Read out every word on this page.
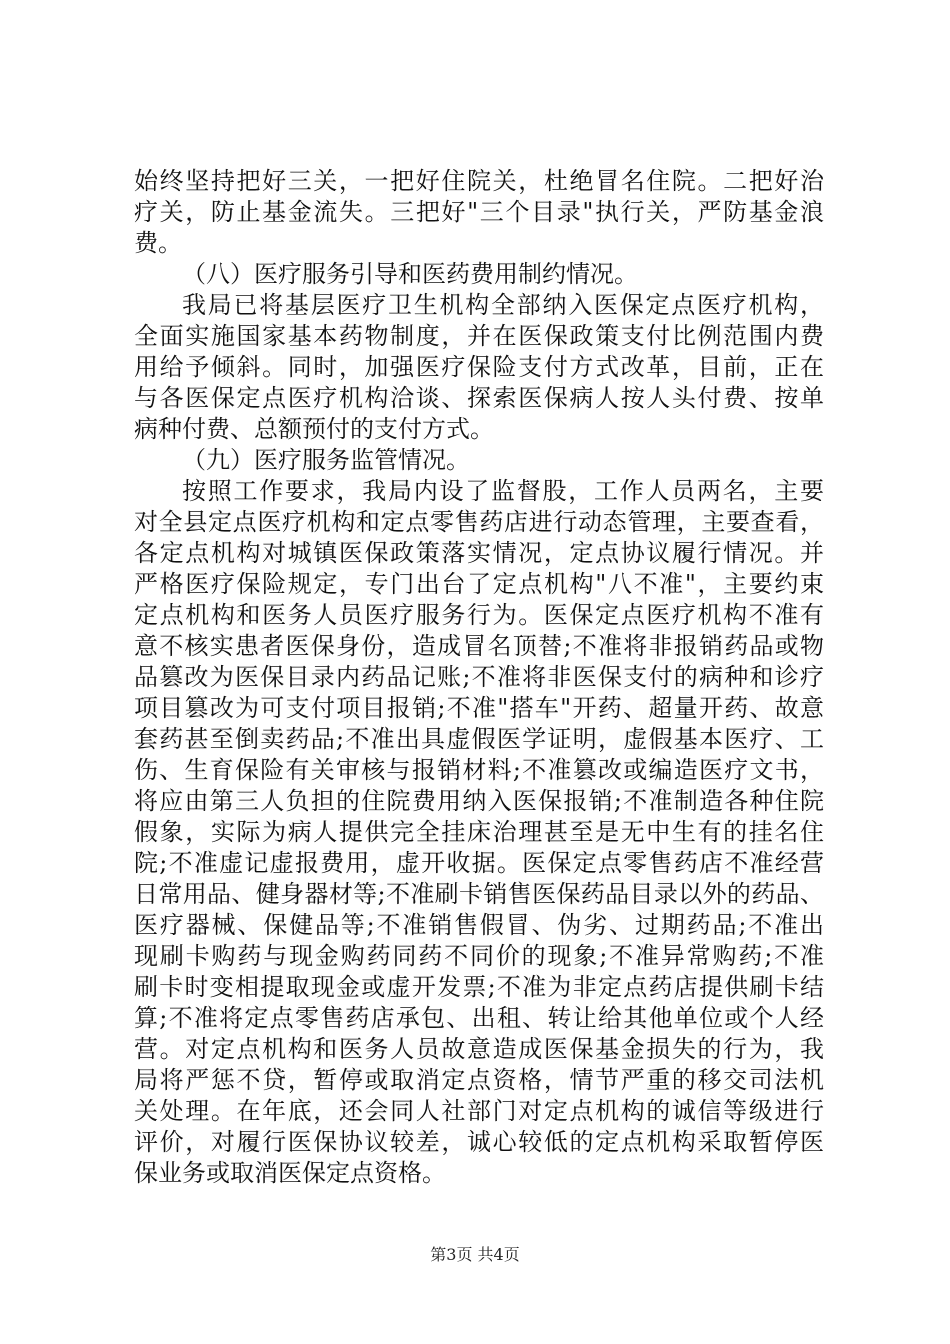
始终坚持把好三关，一把好住院关，杜绝冒名住院。二把好治
疗关，防止基金流失。三把好"三个目录"执行关，严防基金浪
费。
（八）医疗服务引导和医药费用制约情况。
我局已将基层医疗卫生机构全部纳入医保定点医疗机构，
全面实施国家基本药物制度，并在医保政策支付比例范围内费
用给予倾斜。同时，加强医疗保险支付方式改革，目前，正在
与各医保定点医疗机构洽谈、探索医保病人按人头付费、按单
病种付费、总额预付的支付方式。
（九）医疗服务监管情况。
按照工作要求，我局内设了监督股，工作人员两名，主要
对全县定点医疗机构和定点零售药店进行动态管理，主要查看，
各定点机构对城镇医保政策落实情况，定点协议履行情况。并
严格医疗保险规定，专门出台了定点机构"八不准"，主要约束
定点机构和医务人员医疗服务行为。医保定点医疗机构不准有
意不核实患者医保身份，造成冒名顶替;不准将非报销药品或物
品篡改为医保目录内药品记账;不准将非医保支付的病种和诊疗
项目篡改为可支付项目报销;不准"搭车"开药、超量开药、故意
套药甚至倒卖药品;不准出具虚假医学证明，虚假基本医疗、工
伤、生育保险有关审核与报销材料;不准篡改或编造医疗文书，
将应由第三人负担的住院费用纳入医保报销;不准制造各种住院
假象，实际为病人提供完全挂床治理甚至是无中生有的挂名住
院;不准虚记虚报费用，虚开收据。医保定点零售药店不准经营
日常用品、健身器材等;不准刷卡销售医保药品目录以外的药品、
医疗器械、保健品等;不准销售假冒、伪劣、过期药品;不准出
现刷卡购药与现金购药同药不同价的现象;不准异常购药;不准
刷卡时变相提取现金或虚开发票;不准为非定点药店提供刷卡结
算;不准将定点零售药店承包、出租、转让给其他单位或个人经
营。对定点机构和医务人员故意造成医保基金损失的行为，我
局将严惩不贷，暂停或取消定点资格，情节严重的移交司法机
关处理。在年底，还会同人社部门对定点机构的诚信等级进行
评价，对履行医保协议较差，诚心较低的定点机构采取暂停医
保业务或取消医保定点资格。
第3页 共4页
